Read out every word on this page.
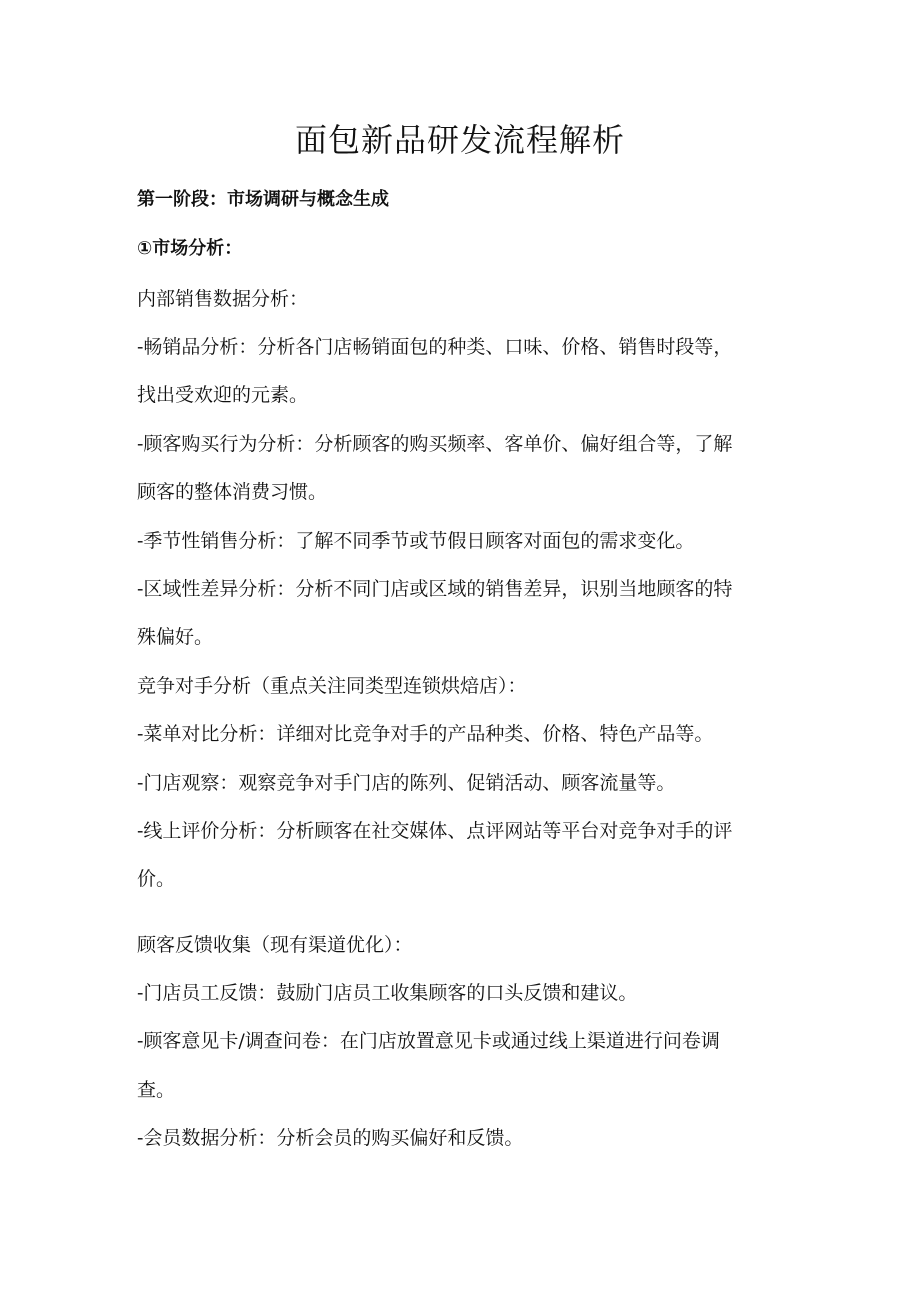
面包新品研发流程解析

第一阶段：市场调研与概念生成

①市场分析：

内部销售数据分析：

-畅销品分析：分析各门店畅销面包的种类、口味、价格、销售时段等，

找出受欢迎的元素。

-顾客购买行为分析：分析顾客的购买频率、客单价、偏好组合等，了解

顾客的整体消费习惯。

-季节性销售分析：了解不同季节或节假日顾客对面包的需求变化。

-区域性差异分析：分析不同门店或区域的销售差异，识别当地顾客的特

殊偏好。

竞争对手分析（重点关注同类型连锁烘焙店）：

-菜单对比分析：详细对比竞争对手的产品种类、价格、特色产品等。

-门店观察：观察竞争对手门店的陈列、促销活动、顾客流量等。

-线上评价分析：分析顾客在社交媒体、点评网站等平台对竞争对手的评

价。

顾客反馈收集（现有渠道优化）：

-门店员工反馈：鼓励门店员工收集顾客的口头反馈和建议。

-顾客意见卡/调查问卷：在门店放置意见卡或通过线上渠道进行问卷调

查。

-会员数据分析：分析会员的购买偏好和反馈。
